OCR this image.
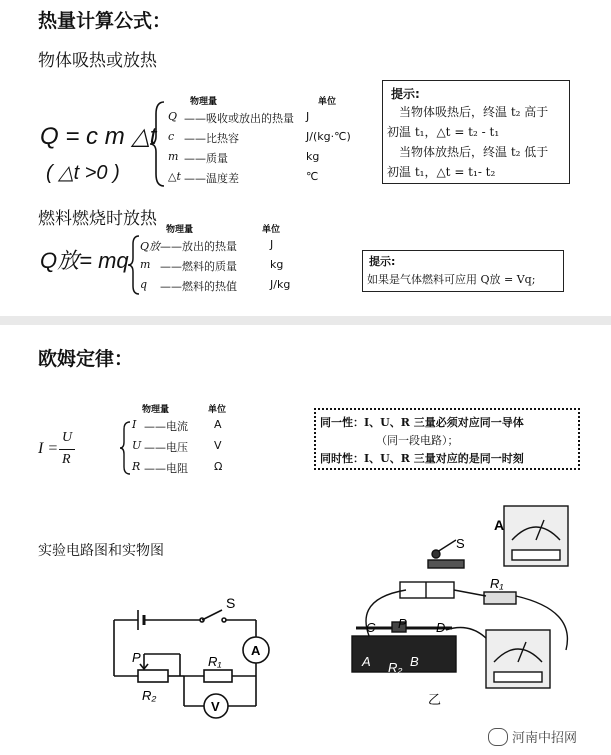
热量计算公式：
物体吸热或放热
Q = c m △t
( △t >0 )
物理量	单位
Q ——吸收或放出的热量 J
c ——比热容	J/(kg·℃)
m ——质量	kg
△t ——温度差	℃
提示:
当物体吸热后，终温 t₂ 高于
初温 t₁，△t = t₂ - t₁
当物体放热后，终温 t₂ 低于
初温 t₁，△t = t₁- t₂
燃料燃烧时放热
Q放= mq
物理量	单位
Q放 ——放出的热量	J
m ——燃料的质量	kg
q ——燃料的热值	J/kg
提示:
如果是气体燃料可应用 Q放 = Vq;
欧姆定律：
I =
U
R
物理量	单位
I ——电流 A
U ——电压 V
R ——电阻 Ω
同一性：I、U、R 三量必须对应同一导体
（同一段电路）；
同时性：I、U、R 三量对应的是同一时刻
实验电路图和实物图
S
A
V
P	R₁
R₂
A
S
R₁
C P D
B
A R₂
乙
河南中招网
